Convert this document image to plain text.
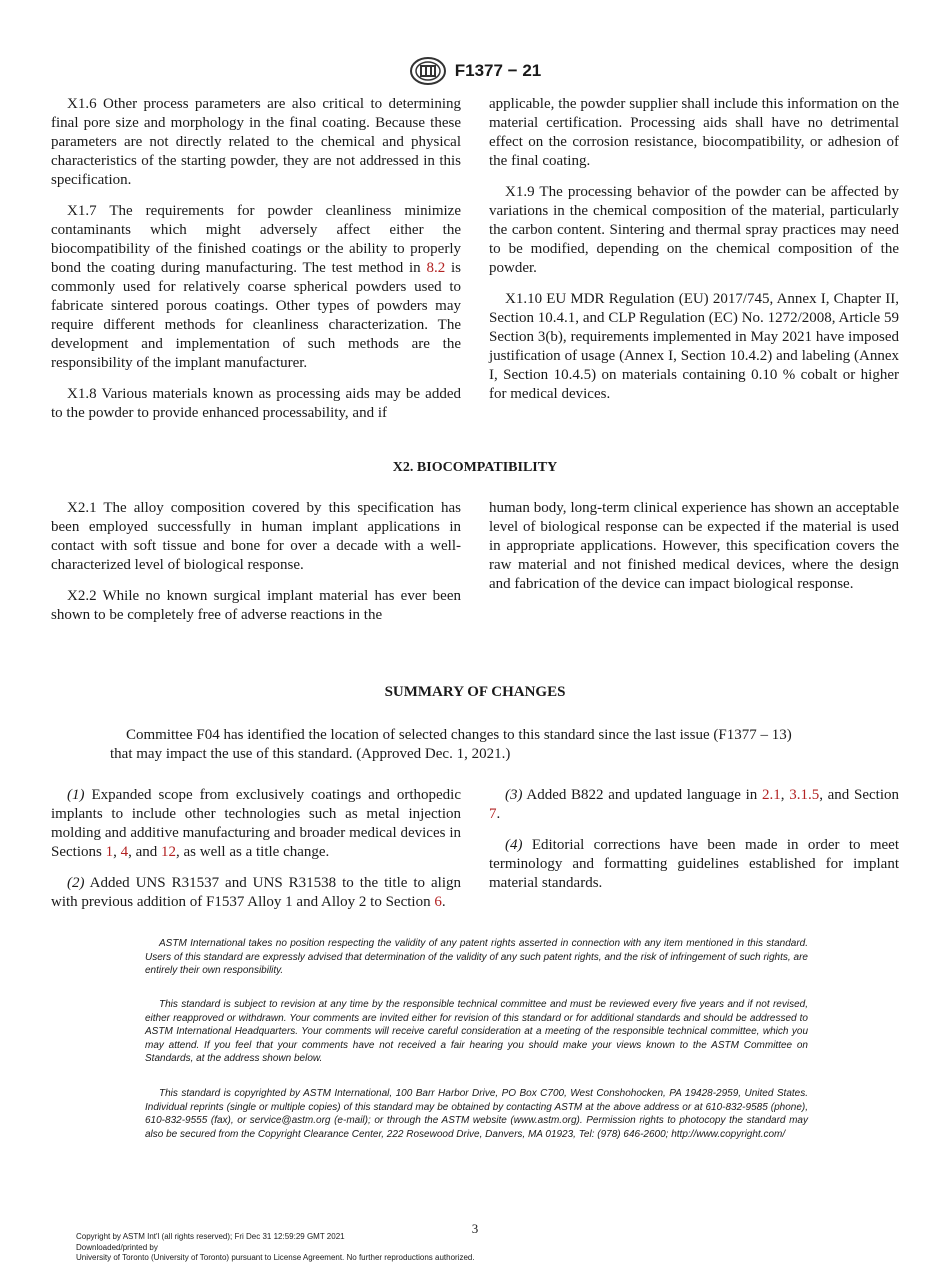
F1377 − 21

X1.6 Other process parameters are also critical to determining final pore size and morphology in the final coating. Because these parameters are not directly related to the chemical and physical characteristics of the starting powder, they are not addressed in this specification.

X1.7 The requirements for powder cleanliness minimize contaminants which might adversely affect either the biocompatibility of the finished coatings or the ability to properly bond the coating during manufacturing. The test method in 8.2 is commonly used for relatively coarse spherical powders used to fabricate sintered porous coatings. Other types of powders may require different methods for cleanliness characterization. The development and implementation of such methods are the responsibility of the implant manufacturer.

X1.8 Various materials known as processing aids may be added to the powder to provide enhanced processability, and if

applicable, the powder supplier shall include this information on the material certification. Processing aids shall have no detrimental effect on the corrosion resistance, biocompatibility, or adhesion of the final coating.

X1.9 The processing behavior of the powder can be affected by variations in the chemical composition of the material, particularly the carbon content. Sintering and thermal spray practices may need to be modified, depending on the chemical composition of the powder.

X1.10 EU MDR Regulation (EU) 2017/745, Annex I, Chapter II, Section 10.4.1, and CLP Regulation (EC) No. 1272/2008, Article 59 Section 3(b), requirements implemented in May 2021 have imposed justification of usage (Annex I, Section 10.4.2) and labeling (Annex I, Section 10.4.5) on materials containing 0.10 % cobalt or higher for medical devices.

X2. BIOCOMPATIBILITY

X2.1 The alloy composition covered by this specification has been employed successfully in human implant applications in contact with soft tissue and bone for over a decade with a well-characterized level of biological response.

X2.2 While no known surgical implant material has ever been shown to be completely free of adverse reactions in the

human body, long-term clinical experience has shown an acceptable level of biological response can be expected if the material is used in appropriate applications. However, this specification covers the raw material and not finished medical devices, where the design and fabrication of the device can impact biological response.

SUMMARY OF CHANGES
Committee F04 has identified the location of selected changes to this standard since the last issue (F1377 – 13)
that may impact the use of this standard. (Approved Dec. 1, 2021.)

(1) Expanded scope from exclusively coatings and orthopedic implants to include other technologies such as metal injection molding and additive manufacturing and broader medical devices in Sections 1, 4, and 12, as well as a title change.

(2) Added UNS R31537 and UNS R31538 to the title to align with previous addition of F1537 Alloy 1 and Alloy 2 to Section 6.

(3) Added B822 and updated language in 2.1, 3.1.5, and Section 7.

(4) Editorial corrections have been made in order to meet terminology and formatting guidelines established for implant material standards.

ASTM International takes no position respecting the validity of any patent rights asserted in connection with any item mentioned in this standard. Users of this standard are expressly advised that determination of the validity of any such patent rights, and the risk of infringement of such rights, are entirely their own responsibility.

This standard is subject to revision at any time by the responsible technical committee and must be reviewed every five years and if not revised, either reapproved or withdrawn. Your comments are invited either for revision of this standard or for additional standards and should be addressed to ASTM International Headquarters. Your comments will receive careful consideration at a meeting of the responsible technical committee, which you may attend. If you feel that your comments have not received a fair hearing you should make your views known to the ASTM Committee on Standards, at the address shown below.

This standard is copyrighted by ASTM International, 100 Barr Harbor Drive, PO Box C700, West Conshohocken, PA 19428-2959, United States. Individual reprints (single or multiple copies) of this standard may be obtained by contacting ASTM at the above address or at 610-832-9585 (phone), 610-832-9555 (fax), or service@astm.org (e-mail); or through the ASTM website (www.astm.org). Permission rights to photocopy the standard may also be secured from the Copyright Clearance Center, 222 Rosewood Drive, Danvers, MA 01923, Tel: (978) 646-2600; http://www.copyright.com/

3
Copyright by ASTM Int'l (all rights reserved); Fri Dec 31 12:59:29 GMT 2021
Downloaded/printed by
University of Toronto (University of Toronto) pursuant to License Agreement. No further reproductions authorized.
